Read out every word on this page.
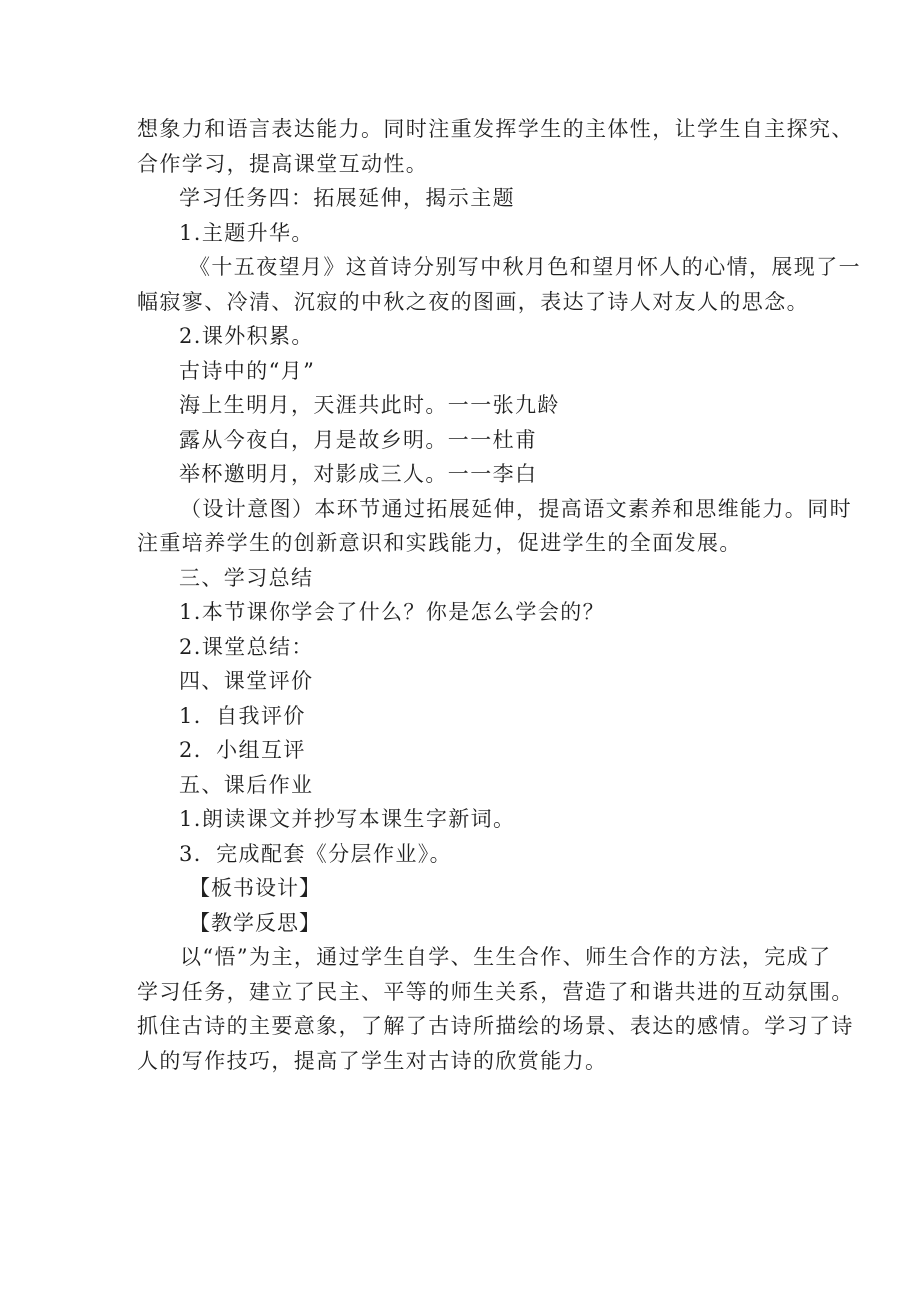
想象力和语言表达能力。同时注重发挥学生的主体性，让学生自主探究、
合作学习，提高课堂互动性。
学习任务四：拓展延伸，揭示主题
1.主题升华。
《十五夜望月》这首诗分别写中秋月色和望月怀人的心情，展现了一
幅寂寥、冷清、沉寂的中秋之夜的图画，表达了诗人对友人的思念。
2.课外积累。
古诗中的“月”
海上生明月，天涯共此时。一一张九龄
露从今夜白，月是故乡明。一一杜甫
举杯邀明月，对影成三人。一一李白
（设计意图）本环节通过拓展延伸，提高语文素养和思维能力。同时
注重培养学生的创新意识和实践能力，促进学生的全面发展。
三、学习总结
1.本节课你学会了什么？你是怎么学会的？
2.课堂总结：
四、课堂评价
1．自我评价
2．小组互评
五、课后作业
1.朗读课文并抄写本课生字新词。
3．完成配套《分层作业》。
【板书设计】
【教学反思】
以“悟”为主，通过学生自学、生生合作、师生合作的方法，完成了
学习任务，建立了民主、平等的师生关系，营造了和谐共进的互动氛围。
抓住古诗的主要意象，了解了古诗所描绘的场景、表达的感情。学习了诗
人的写作技巧，提高了学生对古诗的欣赏能力。
